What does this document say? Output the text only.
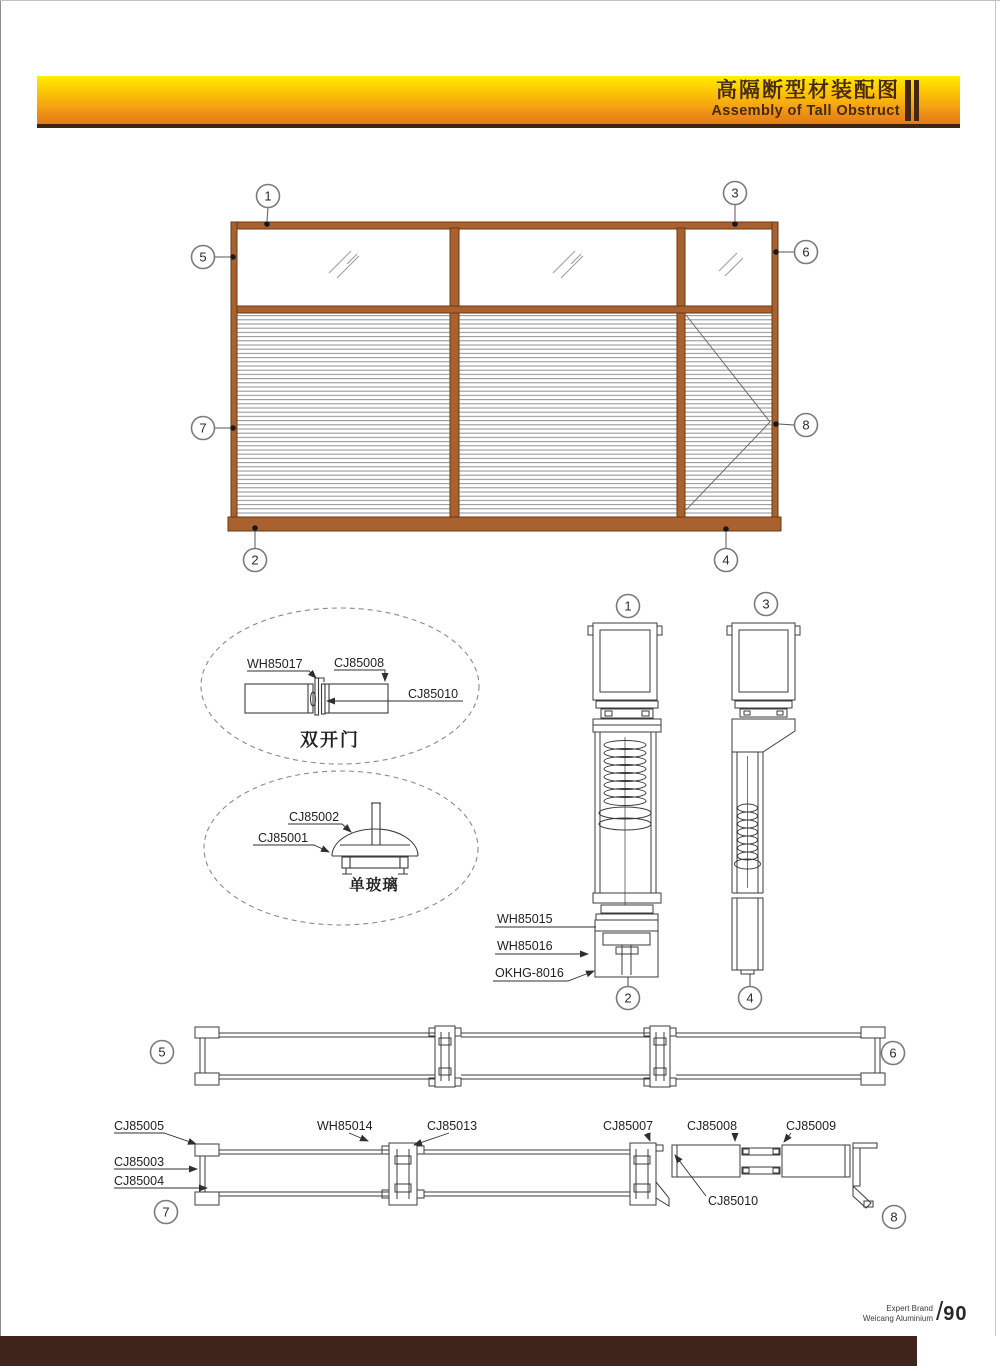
高隔断型材装配图
Assembly of Tall Obstruct
1	3
5	6
7	8
2	4
WH85017	CJ85008
CJ85010
双开门
CJ85002
CJ85001
单玻璃
WH85015
WH85016
OKHG-8016
1
2
3
4
5	6
CJ85005
CJ85003
CJ85004
WH85014	CJ85013	CJ85007	CJ85008	CJ85009
CJ85010
7	8
Expert Brand
Weicang Aluminium /90
